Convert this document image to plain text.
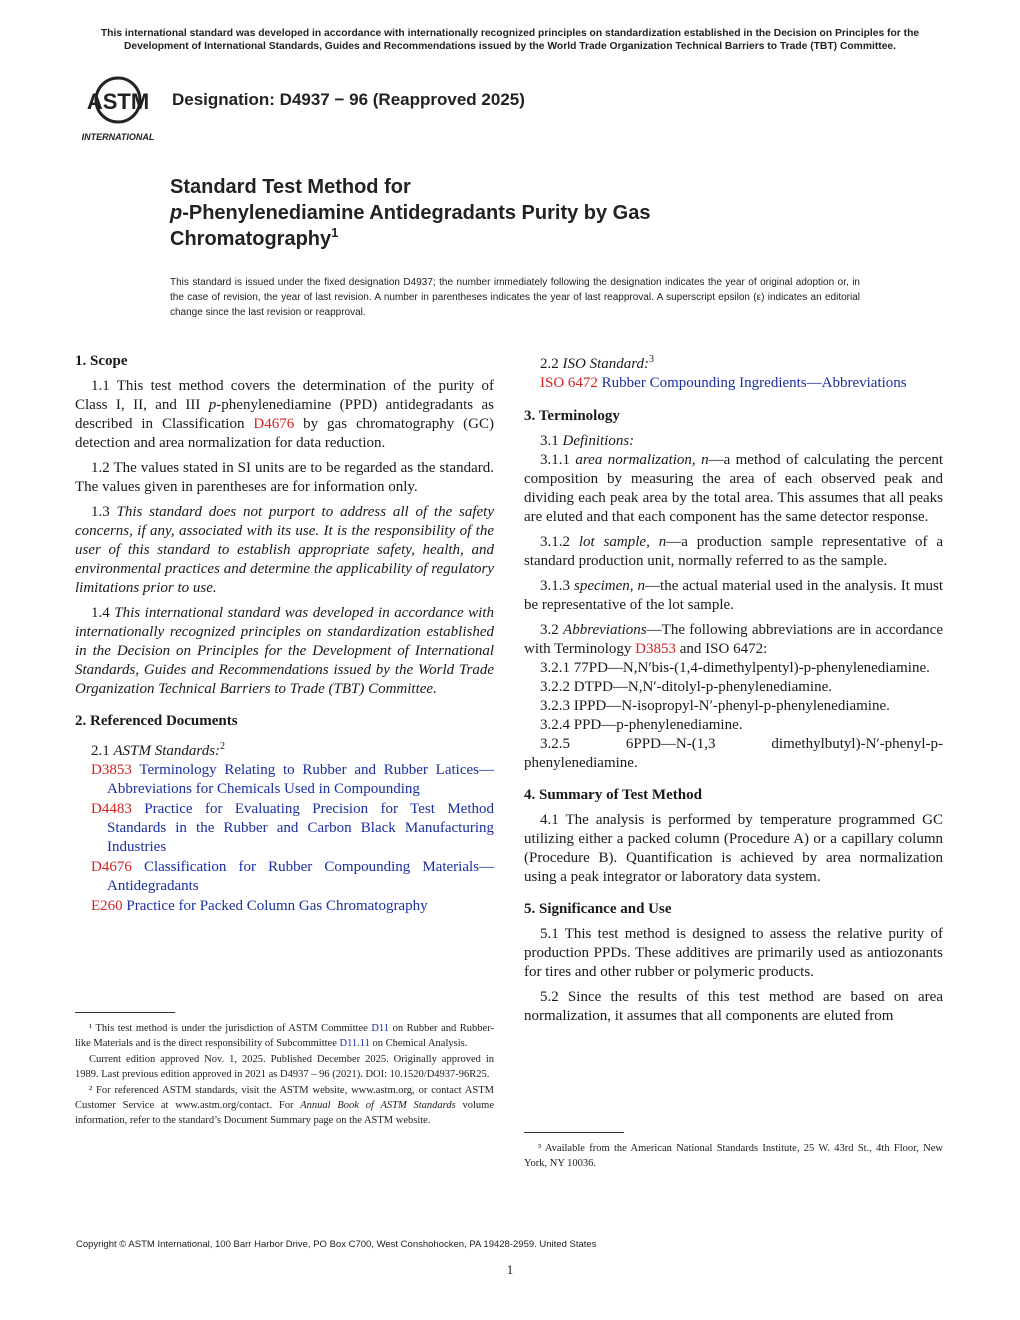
This international standard was developed in accordance with internationally recognized principles on standardization established in the Decision on Principles for the Development of International Standards, Guides and Recommendations issued by the World Trade Organization Technical Barriers to Trade (TBT) Committee.
ASTM
INTERNATIONAL
Designation: D4937 − 96 (Reapproved 2025)
Standard Test Method for
p-Phenylenediamine Antidegradants Purity by Gas
Chromatography$^1$
This standard is issued under the fixed designation D4937; the number immediately following the designation indicates the year of original adoption or, in the case of revision, the year of last revision. A number in parentheses indicates the year of last reapproval. A superscript epsilon (ε) indicates an editorial change since the last revision or reapproval.
1. Scope

1.1 This test method covers the determination of the purity of Class I, II, and III p-phenylenediamine (PPD) antidegradants as described in Classification D4676 by gas chromatography (GC) detection and area normalization for data reduction.

1.2 The values stated in SI units are to be regarded as the standard. The values given in parentheses are for information only.

1.3 This standard does not purport to address all of the safety concerns, if any, associated with its use. It is the responsibility of the user of this standard to establish appropriate safety, health, and environmental practices and determine the applicability of regulatory limitations prior to use.

1.4 This international standard was developed in accordance with internationally recognized principles on standardization established in the Decision on Principles for the Development of International Standards, Guides and Recommendations issued by the World Trade Organization Technical Barriers to Trade (TBT) Committee.

2. Referenced Documents

2.1 ASTM Standards:$^2$

D3853 Terminology Relating to Rubber and Rubber Latices—Abbreviations for Chemicals Used in Compounding
D4483 Practice for Evaluating Precision for Test Method Standards in the Rubber and Carbon Black Manufacturing Industries
D4676 Classification for Rubber Compounding Materials—Antidegradants
E260 Practice for Packed Column Gas Chromatography

¹ This test method is under the jurisdiction of ASTM Committee D11 on Rubber and Rubber-like Materials and is the direct responsibility of Subcommittee D11.11 on Chemical Analysis.

Current edition approved Nov. 1, 2025. Published December 2025. Originally approved in 1989. Last previous edition approved in 2021 as D4937 – 96 (2021). DOI: 10.1520/D4937-96R25.

² For referenced ASTM standards, visit the ASTM website, www.astm.org, or contact ASTM Customer Service at www.astm.org/contact. For Annual Book of ASTM Standards volume information, refer to the standard’s Document Summary page on the ASTM website.

2.2 ISO Standard:$^3$

ISO 6472 Rubber Compounding Ingredients—Abbreviations
3. Terminology

3.1 Definitions:

3.1.1 area normalization, n—a method of calculating the percent composition by measuring the area of each observed peak and dividing each peak area by the total area. This assumes that all peaks are eluted and that each component has the same detector response.

3.1.2 lot sample, n—a production sample representative of a standard production unit, normally referred to as the sample.

3.1.3 specimen, n—the actual material used in the analysis. It must be representative of the lot sample.

3.2 Abbreviations—The following abbreviations are in accordance with Terminology D3853 and ISO 6472:

3.2.1 77PD—N,N′bis-(1,4-dimethylpentyl)-p-phenylenediamine.

3.2.2 DTPD—N,N′-ditolyl-p-phenylenediamine.

3.2.3 IPPD—N-isopropyl-N′-phenyl-p-phenylenediamine.

3.2.4 PPD—p-phenylenediamine.

3.2.5 6PPD—N-(1,3 dimethylbutyl)-N′-phenyl-p-phenylenediamine.

4. Summary of Test Method

4.1 The analysis is performed by temperature programmed GC utilizing either a packed column (Procedure A) or a capillary column (Procedure B). Quantification is achieved by area normalization using a peak integrator or laboratory data system.

5. Significance and Use

5.1 This test method is designed to assess the relative purity of production PPDs. These additives are primarily used as antiozonants for tires and other rubber or polymeric products.

5.2 Since the results of this test method are based on area normalization, it assumes that all components are eluted from

³ Available from the American National Standards Institute, 25 W. 43rd St., 4th Floor, New York, NY 10036.

Copyright © ASTM International, 100 Barr Harbor Drive, PO Box C700, West Conshohocken, PA 19428-2959. United States
1
